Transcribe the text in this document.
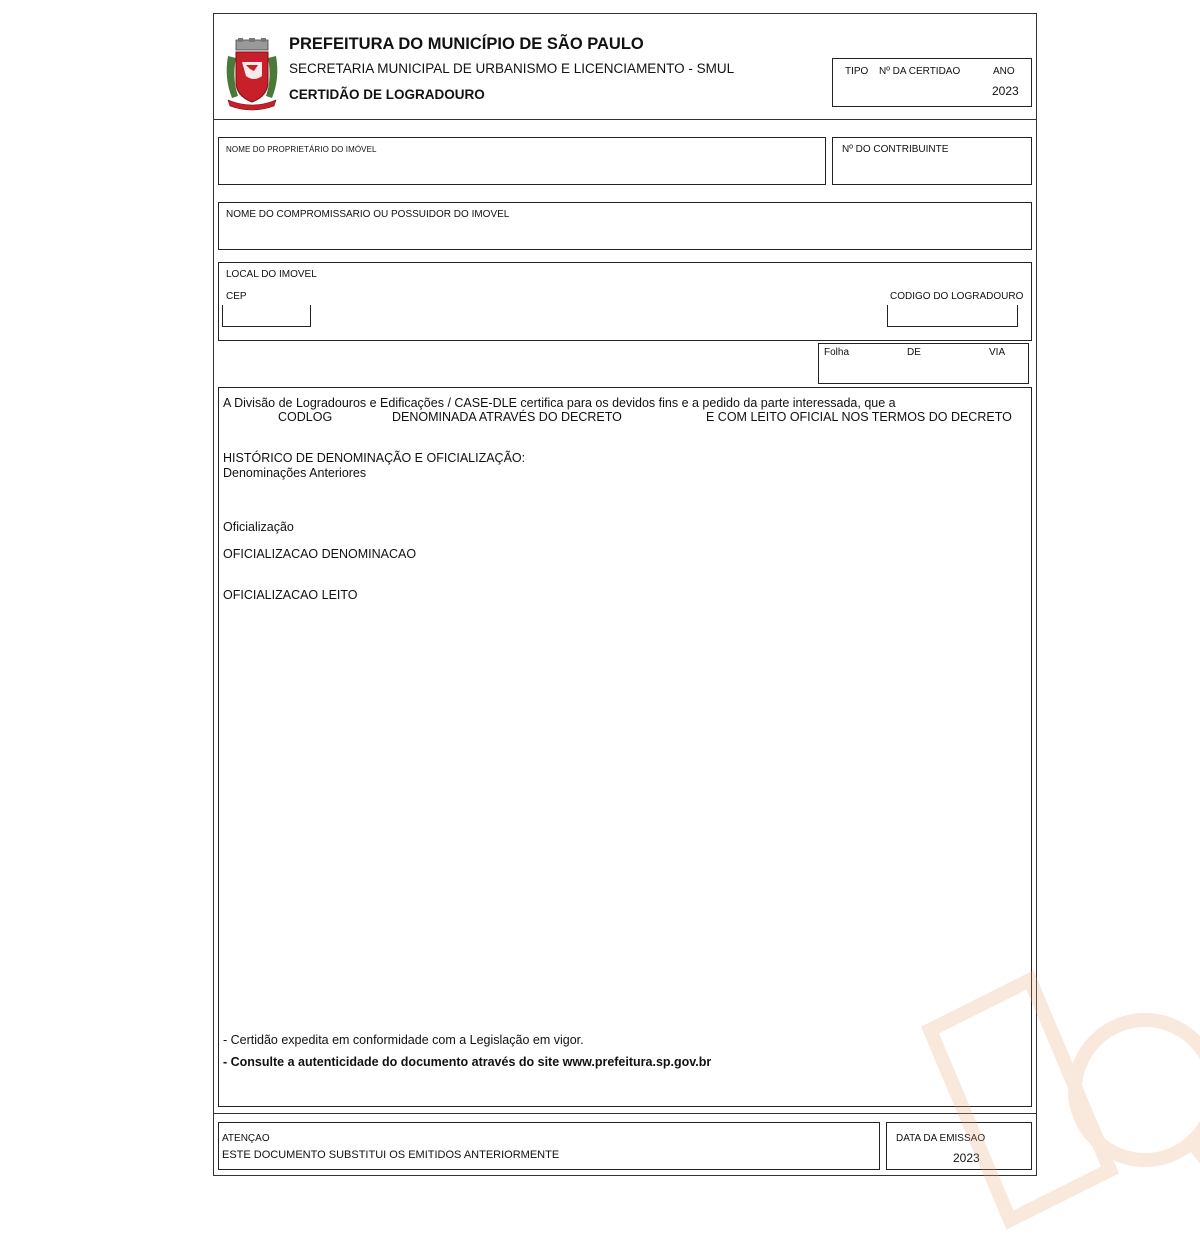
PREFEITURA DO MUNICÍPIO DE SÃO PAULO
SECRETARIA MUNICIPAL DE URBANISMO E LICENCIAMENTO - SMUL
CERTIDÃO DE LOGRADOURO
TIPO Nº DA CERTIDAO	ANO
2023
NOME DO PROPRIETÁRIO DO IMÓVEL	Nº DO CONTRIBUINTE
NOME DO COMPROMISSARIO OU POSSUIDOR DO IMOVEL
LOCAL DO IMOVEL
CEP	CODIGO DO LOGRADOURO
Folha	DE	VIA
A Divisão de Logradouros e Edificações / CASE-DLE certifica para os devidos fins e a pedido da parte interessada, que a
CODLOG	DENOMINADA ATRAVÉS DO DECRETO	E COM LEITO OFICIAL NOS TERMOS DO DECRETO
HISTÓRICO DE DENOMINAÇÃO E OFICIALIZAÇÃO:
Denominações Anteriores
Oficialização
OFICIALIZACAO DENOMINACAO
OFICIALIZACAO LEITO
- Certidão expedita em conformidade com a Legislação em vigor.
- Consulte a autenticidade do documento através do site www.prefeitura.sp.gov.br
ATENÇAO
ESTE DOCUMENTO SUBSTITUI OS EMITIDOS ANTERIORMENTE
DATA DA EMISSAO
2023
